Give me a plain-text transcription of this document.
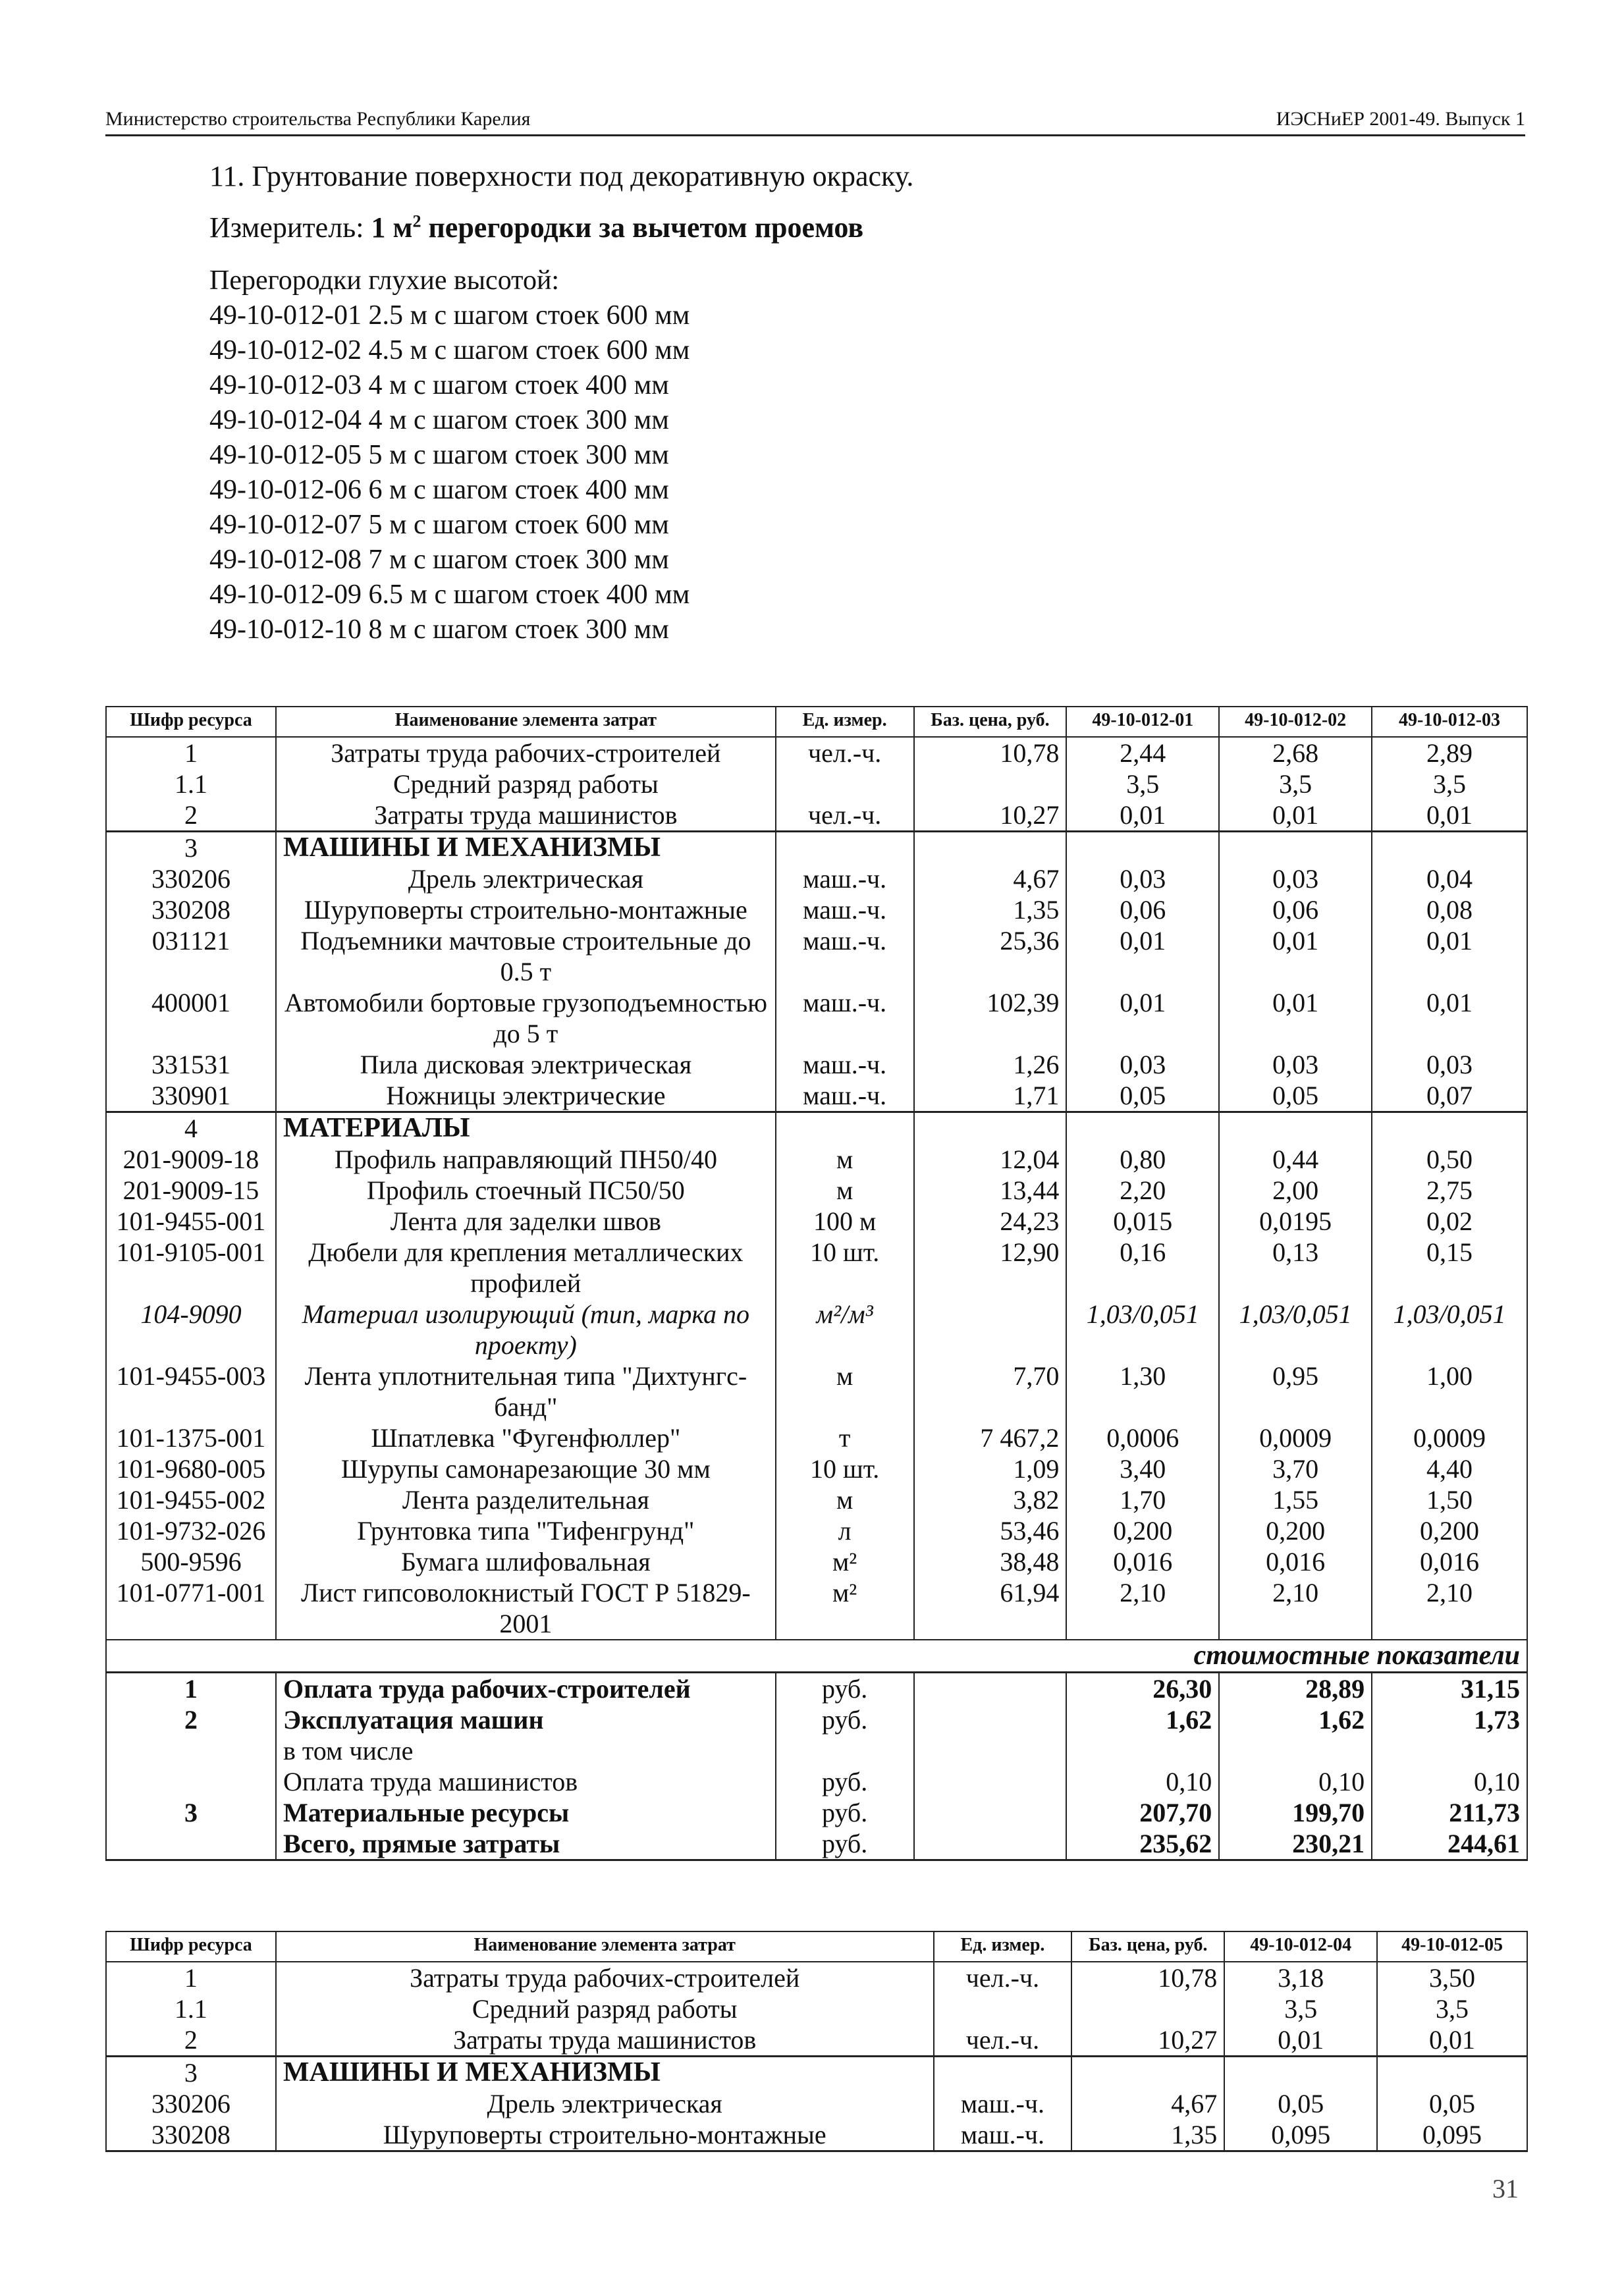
Министерство строительства Республики Карелия	ИЭСНиЕР 2001-49. Выпуск 1
11. Грунтование поверхности под декоративную окраску.
Измеритель: 1 $м^2$ перегородки за вычетом проемов
Перегородки глухие высотой:
49-10-012-01 2.5 м с шагом стоек 600 мм
49-10-012-02 4.5 м с шагом стоек 600 мм
49-10-012-03 4 м с шагом стоек 400 мм
49-10-012-04 4 м с шагом стоек 300 мм
49-10-012-05 5 м с шагом стоек 300 мм
49-10-012-06 6 м с шагом стоек 400 мм
49-10-012-07 5 м с шагом стоек 600 мм
49-10-012-08 7 м с шагом стоек 300 мм
49-10-012-09 6.5 м с шагом стоек 400 мм
49-10-012-10 8 м с шагом стоек 300 мм
Шифр ресурса	Наименование элемента затрат	Ед. измер.	Баз. цена, руб.	49-10-012-01	49-10-012-02	49-10-012-03
1	Затраты труда рабочих-строителей	чел.-ч.	10,78	2,44	2,68	2,89
1.1	Средний разряд работы			3,5	3,5	3,5
2	Затраты труда машинистов	чел.-ч.	10,27	0,01	0,01	0,01
3	МАШИНЫ И МЕХАНИЗМЫ					
330206	Дрель электрическая	маш.-ч.	4,67	0,03	0,03	0,04
330208	Шуруповерты строительно-монтажные	маш.-ч.	1,35	0,06	0,06	0,08
031121	Подъемники мачтовые строительные до 0.5 т	маш.-ч.	25,36	0,01	0,01	0,01
400001	Автомобили бортовые грузоподъемностью до 5 т	маш.-ч.	102,39	0,01	0,01	0,01
331531	Пила дисковая электрическая	маш.-ч.	1,26	0,03	0,03	0,03
330901	Ножницы электрические	маш.-ч.	1,71	0,05	0,05	0,07
4	МАТЕРИАЛЫ					
201-9009-18	Профиль направляющий ПН50/40	м	12,04	0,80	0,44	0,50
201-9009-15	Профиль стоечный ПС50/50	м	13,44	2,20	2,00	2,75
101-9455-001	Лента для заделки швов	100 м	24,23	0,015	0,0195	0,02
101-9105-001	Дюбели для крепления металлических профилей	10 шт.	12,90	0,16	0,13	0,15
104-9090	Материал изолирующий (тип, марка по проекту)	м²/м³		1,03/0,051	1,03/0,051	1,03/0,051
101-9455-003	Лента уплотнительная типа "Дихтунгс-банд"	м	7,70	1,30	0,95	1,00
101-1375-001	Шпатлевка "Фугенфюллер"	т	7 467,2	0,0006	0,0009	0,0009
101-9680-005	Шурупы самонарезающие 30 мм	10 шт.	1,09	3,40	3,70	4,40
101-9455-002	Лента разделительная	м	3,82	1,70	1,55	1,50
101-9732-026	Грунтовка типа "Тифенгрунд"	л	53,46	0,200	0,200	0,200
500-9596	Бумага шлифовальная	м²	38,48	0,016	0,016	0,016
101-0771-001	Лист гипсоволокнистый ГОСТ Р 51829-2001	м²	61,94	2,10	2,10	2,10
стоимостные показатели						
1	Оплата труда рабочих-строителей	руб.		26,30	28,89	31,15
2	Эксплуатация машин	руб.		1,62	1,62	1,73
	в том числе					
	Оплата труда машинистов	руб.		0,10	0,10	0,10
3	Материальные ресурсы	руб.		207,70	199,70	211,73
	Всего, прямые затраты	руб.		235,62	230,21	244,61
Шифр ресурса	Наименование элемента затрат	Ед. измер.	Баз. цена, руб.	49-10-012-04	49-10-012-05
1	Затраты труда рабочих-строителей	чел.-ч.	10,78	3,18	3,50
1.1	Средний разряд работы			3,5	3,5
2	Затраты труда машинистов	чел.-ч.	10,27	0,01	0,01
3	МАШИНЫ И МЕХАНИЗМЫ				
330206	Дрель электрическая	маш.-ч.	4,67	0,05	0,05
330208	Шуруповерты строительно-монтажные	маш.-ч.	1,35	0,095	0,095
31
